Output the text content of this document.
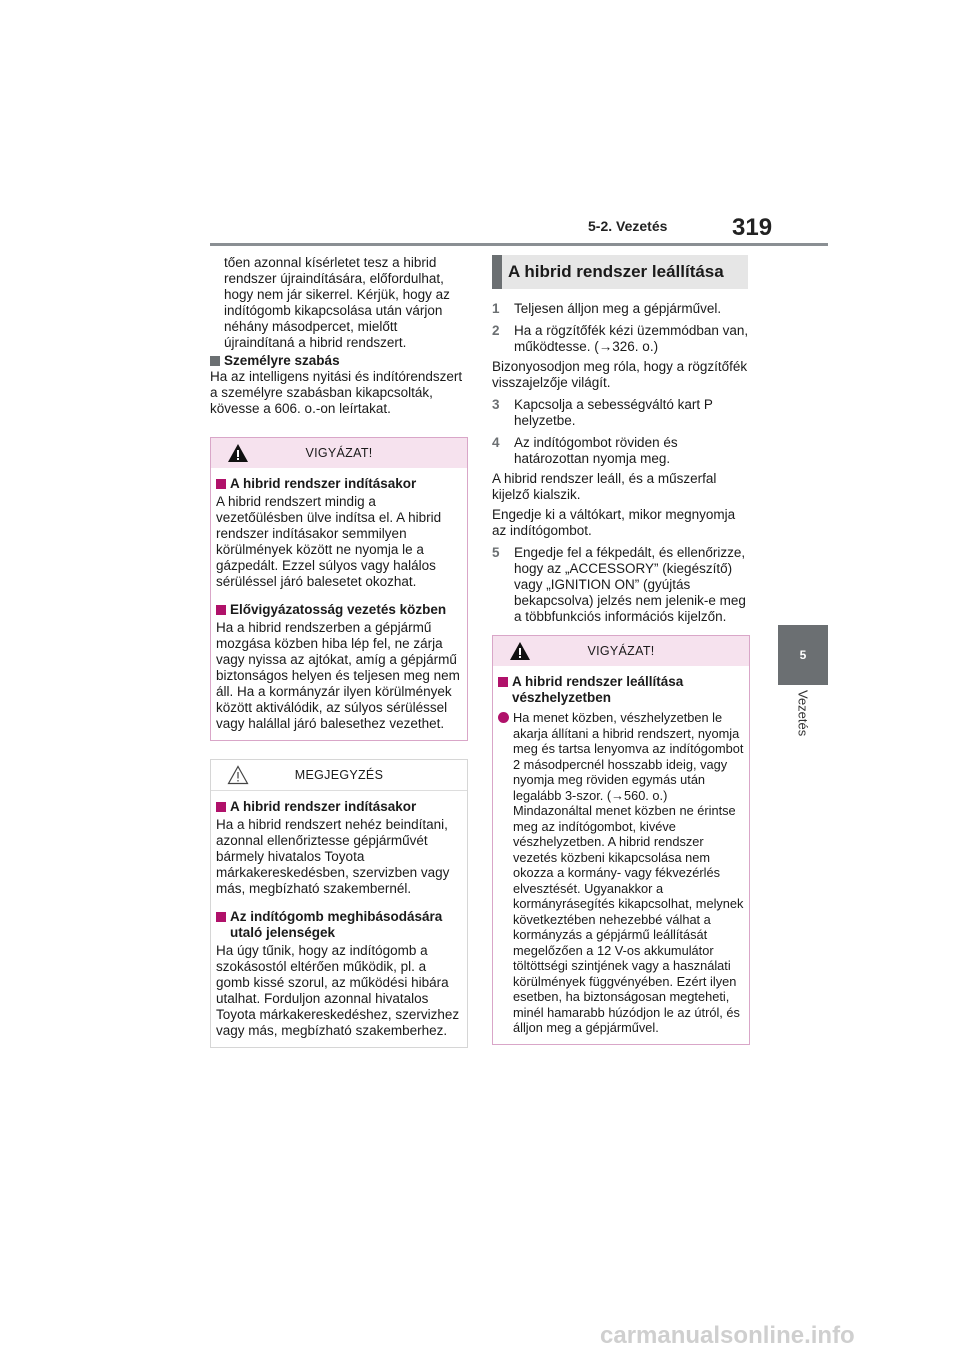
5-2. Vezetés	319
5
Vezetés

tően azonnal kísérletet tesz a hibrid rendszer újraindítására, előfordulhat, hogy nem jár sikerrel. Kérjük, hogy az indítógomb kikapcsolása után várjon néhány másodpercet, mielőtt újraindítaná a hibrid rendszert.

Személyre szabás

Ha az intelligens nyitási és indítórendszert a személyre szabásban kikapcsolták, kövesse a 606. o.-on leírtakat.

VIGYÁZAT!
A hibrid rendszer indításakor

A hibrid rendszert mindig a vezetőülésben ülve indítsa el. A hibrid rendszer indításakor semmilyen körülmények között ne nyomja le a gázpedált. Ezzel súlyos vagy halálos sérüléssel járó balesetet okozhat.

Elővigyázatosság vezetés közben

Ha a hibrid rendszerben a gépjármű mozgása közben hiba lép fel, ne zárja vagy nyissa az ajtókat, amíg a gépjármű biztonságos helyen és teljesen meg nem áll. Ha a kormányzár ilyen körülmények között aktiválódik, az súlyos sérüléssel vagy halállal járó balesethez vezethet.

MEGJEGYZÉS
A hibrid rendszer indításakor

Ha a hibrid rendszert nehéz beindítani, azonnal ellenőriztesse gépjárművét bármely hivatalos Toyota márkakereskedésben, szervizben vagy más, megbízható szakembernél.

Az indítógomb meghibásodására utaló jelenségek

Ha úgy tűnik, hogy az indítógomb a szokásostól eltérően működik, pl. a gomb kissé szorul, az működési hibára utalhat. Forduljon azonnal hivatalos Toyota márkakereskedéshez, szervizhez vagy más, megbízható szakemberhez.

A hibrid rendszer leállítása
1	Teljesen álljon meg a gépjárművel.
2	Ha a rögzítőfék kézi üzemmódban van, működtesse. (→326. o.)

Bizonyosodjon meg róla, hogy a rögzítőfék visszajelzője világít.

3	Kapcsolja a sebességváltó kart P helyzetbe.
4	Az indítógombot röviden és határozottan nyomja meg.

A hibrid rendszer leáll, és a műszerfal kijelző kialszik.

Engedje ki a váltókart, mikor megnyomja az indítógombot.

5	Engedje fel a fékpedált, és ellenőrizze, hogy az „ACCESSORY” (kiegészítő) vagy „IGNITION ON” (gyújtás bekapcsolva) jelzés nem jelenik-e meg a többfunkciós információs kijelzőn.
VIGYÁZAT!
A hibrid rendszer leállítása vészhelyzetben

Ha menet közben, vészhelyzetben le akarja állítani a hibrid rendszert, nyomja meg és tartsa lenyomva az indítógombot 2 másodpercnél hosszabb ideig, vagy nyomja meg röviden egymás után legalább 3-szor. (→560. o.) Mindazonáltal menet közben ne érintse meg az indítógombot, kivéve vészhelyzetben. A hibrid rendszer vezetés közbeni kikapcsolása nem okozza a kormány- vagy fékvezérlés elvesztését. Ugyanakkor a kormányrásegítés kikapcsolhat, melynek következtében nehezebbé válhat a kormányzás a gépjármű leállítását megelőzően a 12 V-os akkumulátor töltöttségi szintjének vagy a használati körülmények függvényében. Ezért ilyen esetben, ha biztonságosan megteheti, minél hamarabb húzódjon le az útról, és álljon meg a gépjárművel.

carmanualsonline.info
